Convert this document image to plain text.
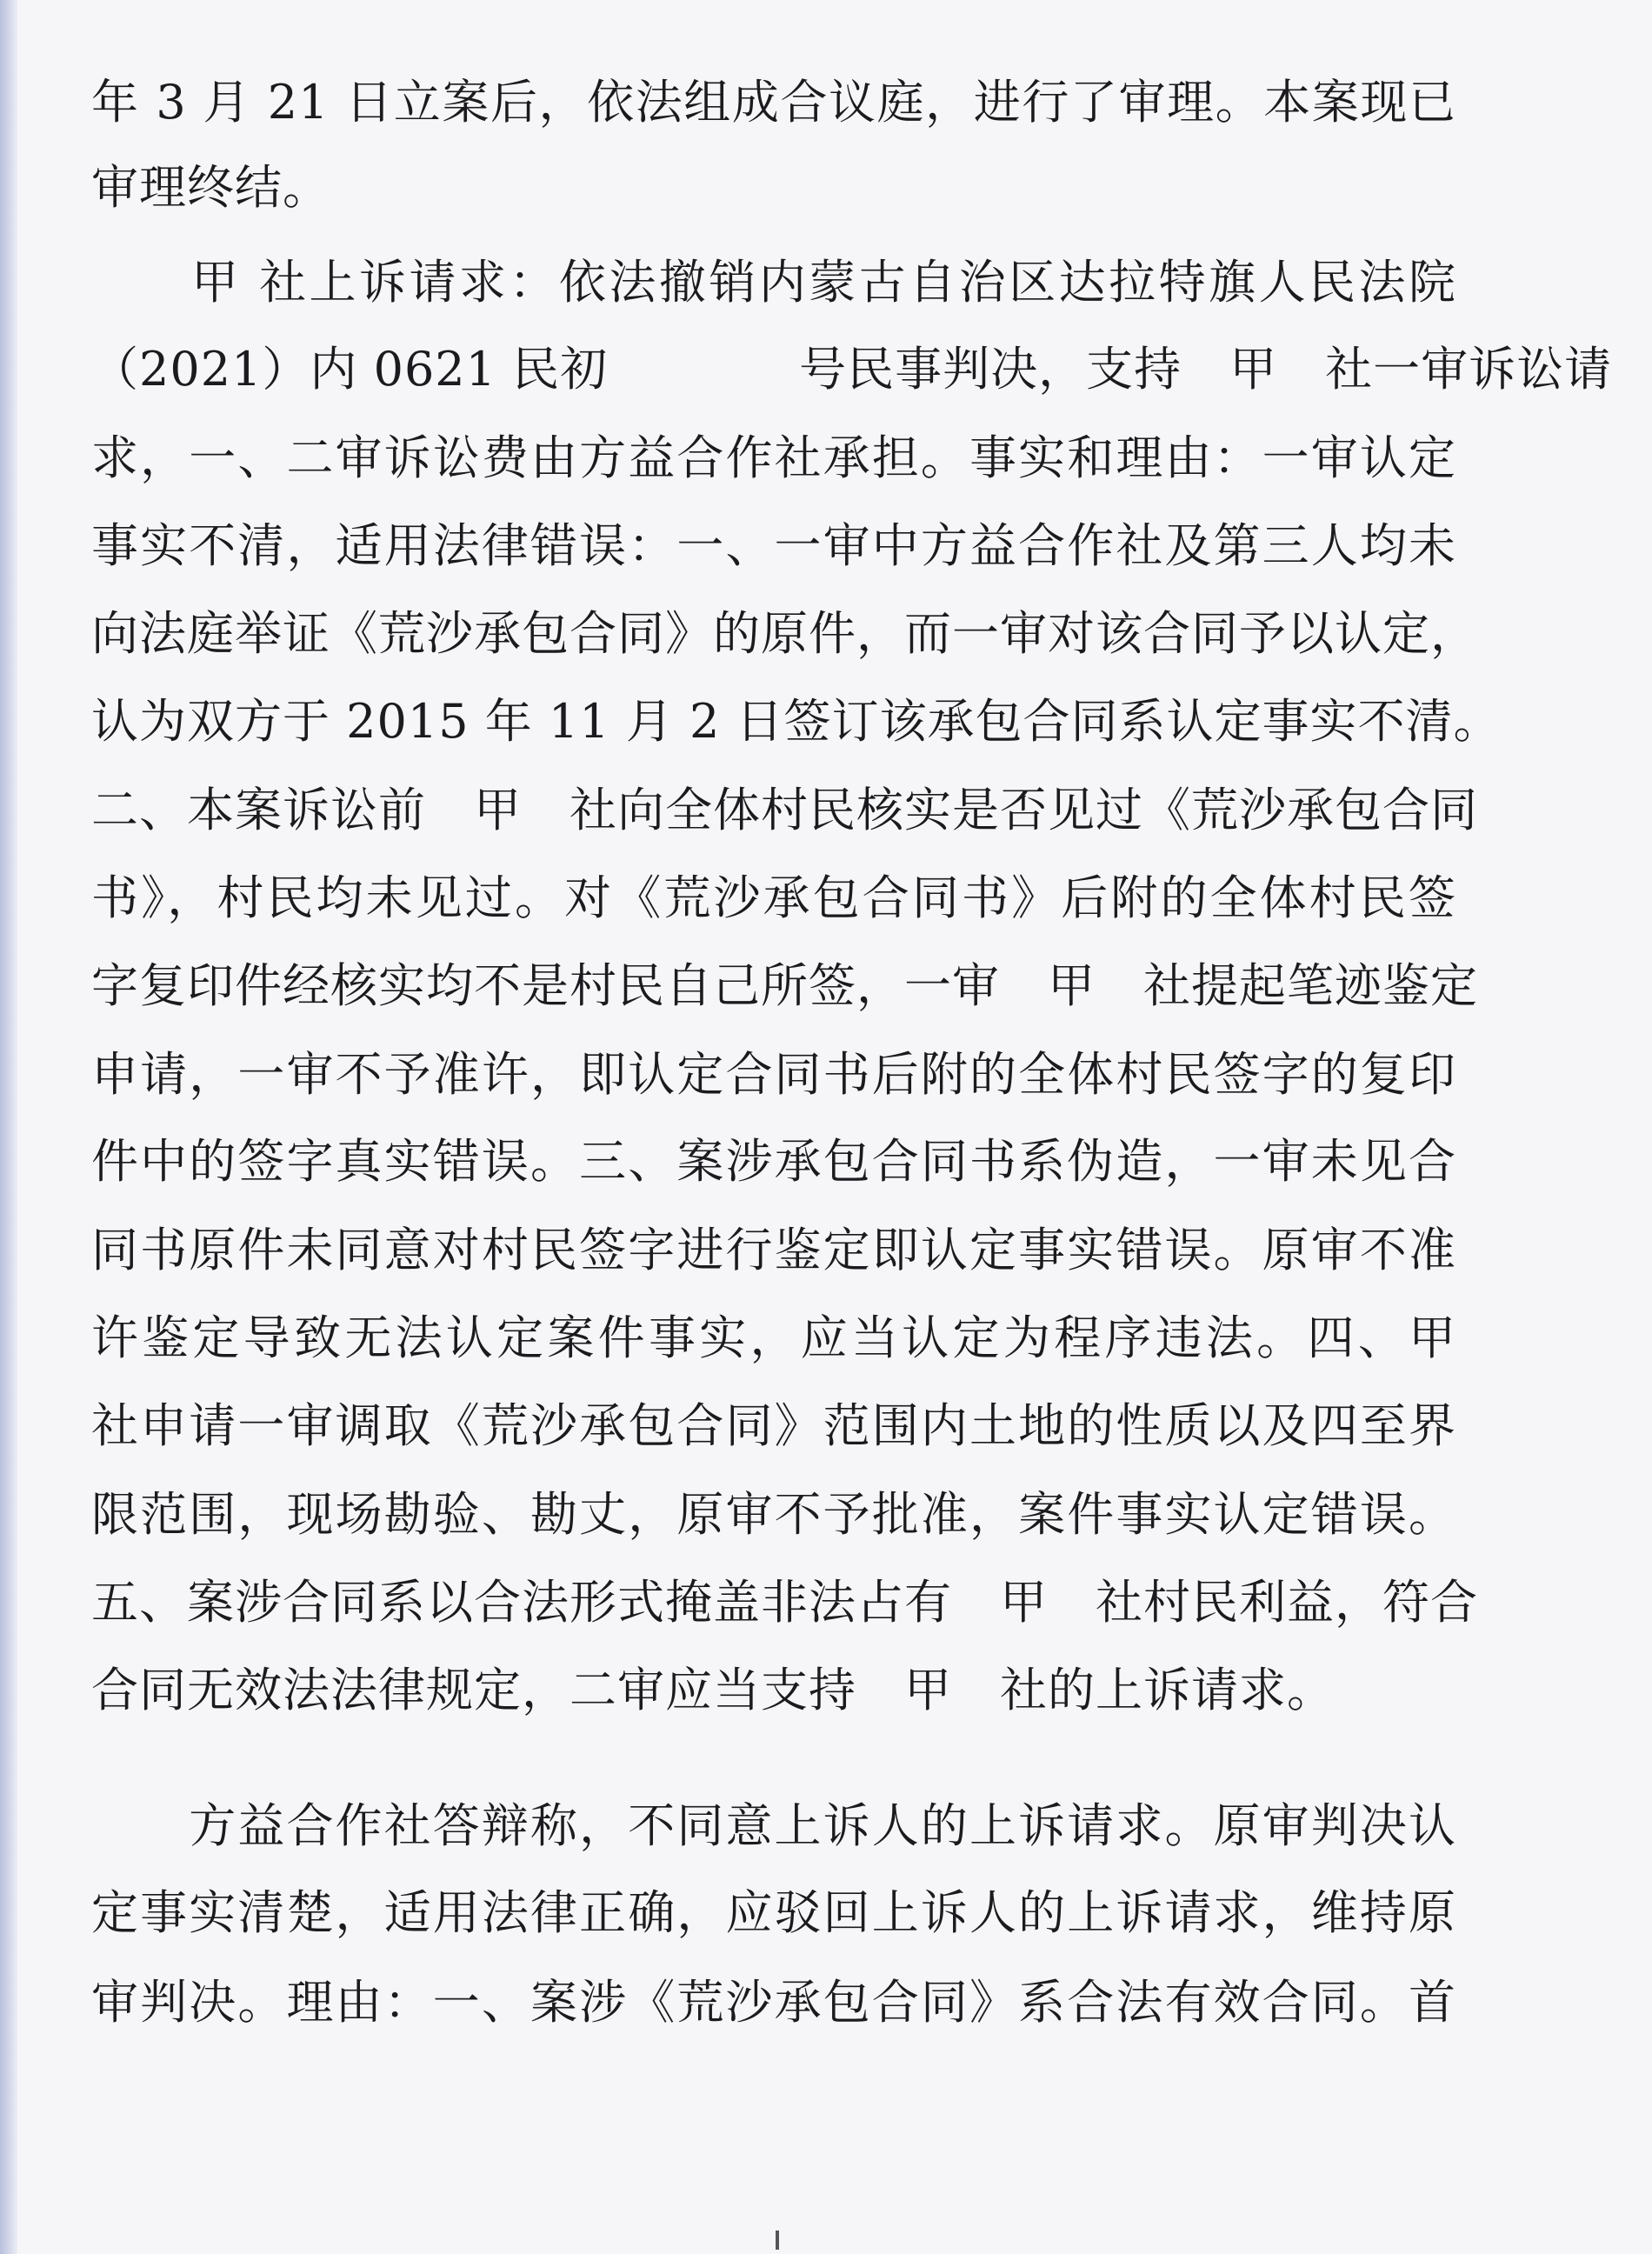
年 3 月 21 日立案后，依法组成合议庭，进行了审理。本案现已
审理终结。
　　甲 社上诉请求：依法撤销内蒙古自治区达拉特旗人民法院
（2021）内 0621 民初　　　　号民事判决，支持　甲　社一审诉讼请
求，一、二审诉讼费由方益合作社承担。事实和理由：一审认定
事实不清，适用法律错误：一、一审中方益合作社及第三人均未
向法庭举证《荒沙承包合同》的原件，而一审对该合同予以认定，
认为双方于 2015 年 11 月 2 日签订该承包合同系认定事实不清。
二、本案诉讼前　甲　社向全体村民核实是否见过《荒沙承包合同
书》，村民均未见过。对《荒沙承包合同书》后附的全体村民签
字复印件经核实均不是村民自己所签，一审　甲　社提起笔迹鉴定
申请，一审不予准许，即认定合同书后附的全体村民签字的复印
件中的签字真实错误。三、案涉承包合同书系伪造，一审未见合
同书原件未同意对村民签字进行鉴定即认定事实错误。原审不准
许鉴定导致无法认定案件事实，应当认定为程序违法。四、甲　
社申请一审调取《荒沙承包合同》范围内土地的性质以及四至界
限范围，现场勘验、勘丈，原审不予批准，案件事实认定错误。
五、案涉合同系以合法形式掩盖非法占有　甲　社村民利益，符合
合同无效法法律规定，二审应当支持　甲　社的上诉请求。
　　方益合作社答辩称，不同意上诉人的上诉请求。原审判决认
定事实清楚，适用法律正确，应驳回上诉人的上诉请求，维持原
审判决。理由：一、案涉《荒沙承包合同》系合法有效合同。首
